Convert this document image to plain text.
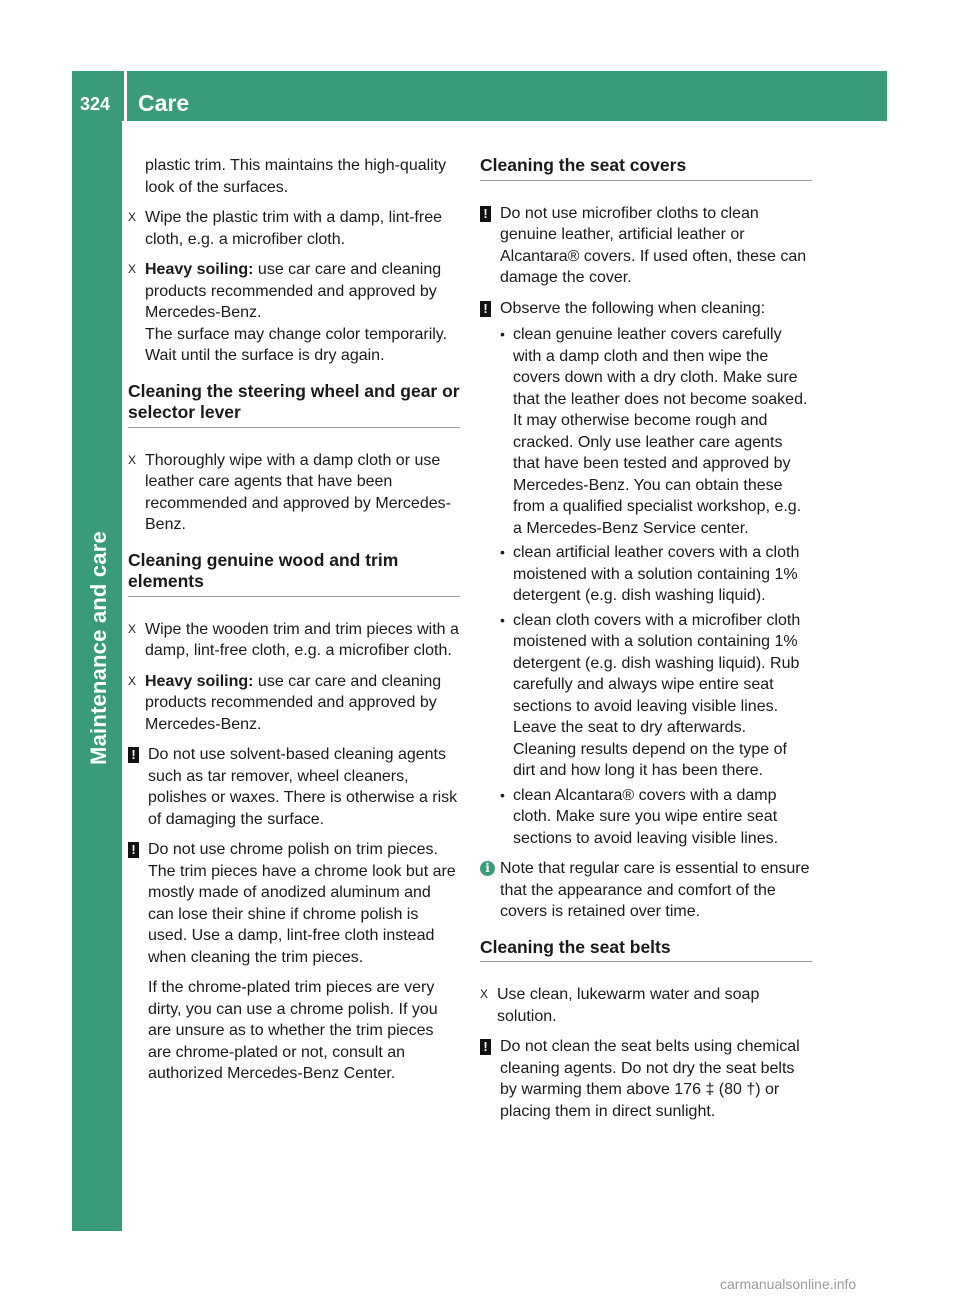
324 Care
Maintenance and care

plastic trim. This maintains the high-quality look of the surfaces.

X Wipe the plastic trim with a damp, lint-free cloth, e.g. a microfiber cloth.
X Heavy soiling: use car care and cleaning products recommended and approved by Mercedes-Benz.

The surface may change color temporarily. Wait until the surface is dry again.

Cleaning the steering wheel and gear or selector lever
X Thoroughly wipe with a damp cloth or use leather care agents that have been recommended and approved by Mercedes-Benz.
Cleaning genuine wood and trim elements
X Wipe the wooden trim and trim pieces with a damp, lint-free cloth, e.g. a microfiber cloth.
X Heavy soiling: use car care and cleaning products recommended and approved by Mercedes-Benz.
! Do not use solvent-based cleaning agents such as tar remover, wheel cleaners, polishes or waxes. There is otherwise a risk of damaging the surface.
! Do not use chrome polish on trim pieces. The trim pieces have a chrome look but are mostly made of anodized aluminum and can lose their shine if chrome polish is used. Use a damp, lint-free cloth instead when cleaning the trim pieces.

If the chrome-plated trim pieces are very dirty, you can use a chrome polish. If you are unsure as to whether the trim pieces are chrome-plated or not, consult an authorized Mercedes-Benz Center.

Cleaning the seat covers
! Do not use microfiber cloths to clean genuine leather, artificial leather or Alcantara® covers. If used often, these can damage the cover.
! Observe the following when cleaning:
• clean genuine leather covers carefully with a damp cloth and then wipe the covers down with a dry cloth. Make sure that the leather does not become soaked. It may otherwise become rough and cracked. Only use leather care agents that have been tested and approved by Mercedes-Benz. You can obtain these from a qualified specialist workshop, e.g. a Mercedes-Benz Service center.
• clean artificial leather covers with a cloth moistened with a solution containing 1% detergent (e.g. dish washing liquid).
• clean cloth covers with a microfiber cloth moistened with a solution containing 1% detergent (e.g. dish washing liquid). Rub carefully and always wipe entire seat sections to avoid leaving visible lines. Leave the seat to dry afterwards. Cleaning results depend on the type of dirt and how long it has been there.
• clean Alcantara® covers with a damp cloth. Make sure you wipe entire seat sections to avoid leaving visible lines.
i Note that regular care is essential to ensure that the appearance and comfort of the covers is retained over time.
Cleaning the seat belts
X Use clean, lukewarm water and soap solution.
! Do not clean the seat belts using chemical cleaning agents. Do not dry the seat belts by warming them above 176 ‡ (80 †) or placing them in direct sunlight.
carmanualsonline.info
